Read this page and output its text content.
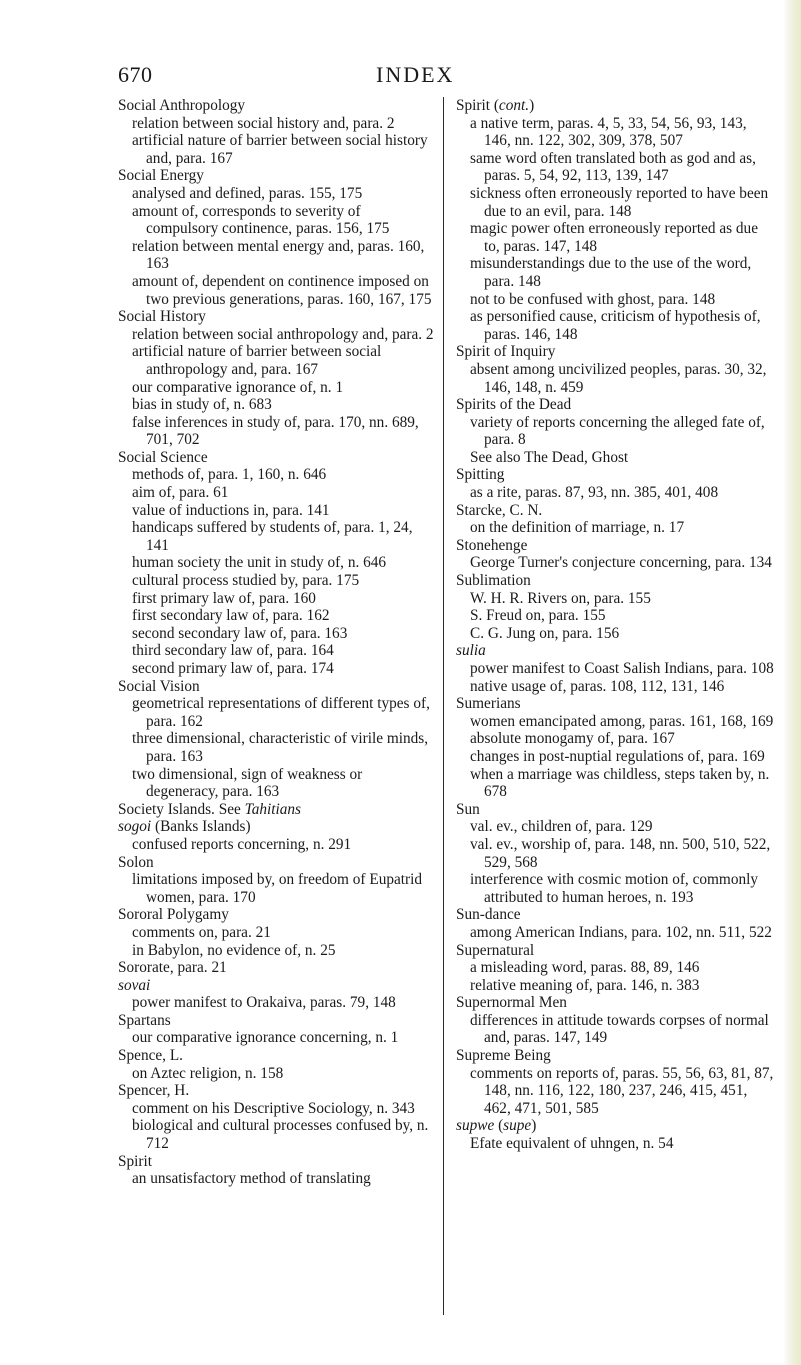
670	INDEX
Social Anthropology
relation between social history and, para. 2
artificial nature of barrier between social history and, para. 167
Social Energy
analysed and defined, paras. 155, 175
amount of, corresponds to severity of compulsory continence, paras. 156, 175
relation between mental energy and, paras. 160, 163
amount of, dependent on continence imposed on two previous generations, paras. 160, 167, 175
Social History
relation between social anthropology and, para. 2
artificial nature of barrier between social anthropology and, para. 167
our comparative ignorance of, n. 1
bias in study of, n. 683
false inferences in study of, para. 170, nn. 689, 701, 702
Social Science
methods of, para. 1, 160, n. 646
aim of, para. 61
value of inductions in, para. 141
handicaps suffered by students of, para. 1, 24, 141
human society the unit in study of, n. 646
cultural process studied by, para. 175
first primary law of, para. 160
first secondary law of, para. 162
second secondary law of, para. 163
third secondary law of, para. 164
second primary law of, para. 174
Social Vision
geometrical representations of different types of, para. 162
three dimensional, characteristic of virile minds, para. 163
two dimensional, sign of weakness or degeneracy, para. 163
Society Islands. See Tahitians
sogoi (Banks Islands)
confused reports concerning, n. 291
Solon
limitations imposed by, on freedom of Eupatrid women, para. 170
Sororal Polygamy
comments on, para. 21
in Babylon, no evidence of, n. 25
Sororate, para. 21
sovai
power manifest to Orakaiva, paras. 79, 148
Spartans
our comparative ignorance concerning, n. 1
Spence, L.
on Aztec religion, n. 158
Spencer, H.
comment on his Descriptive Sociology, n. 343
biological and cultural processes confused by, n. 712
Spirit
an unsatisfactory method of translating
Spirit (cont.)
a native term, paras. 4, 5, 33, 54, 56, 93, 143, 146, nn. 122, 302, 309, 378, 507
same word often translated both as god and as, paras. 5, 54, 92, 113, 139, 147
sickness often erroneously reported to have been due to an evil, para. 148
magic power often erroneously reported as due to, paras. 147, 148
misunderstandings due to the use of the word, para. 148
not to be confused with ghost, para. 148
as personified cause, criticism of hypothesis of, paras. 146, 148
Spirit of Inquiry
absent among uncivilized peoples, paras. 30, 32, 146, 148, n. 459
Spirits of the Dead
variety of reports concerning the alleged fate of, para. 8
See also The Dead, Ghost
Spitting
as a rite, paras. 87, 93, nn. 385, 401, 408
Starcke, C. N.
on the definition of marriage, n. 17
Stonehenge
George Turner's conjecture concerning, para. 134
Sublimation
W. H. R. Rivers on, para. 155
S. Freud on, para. 155
C. G. Jung on, para. 156
sulia
power manifest to Coast Salish Indians, para. 108
native usage of, paras. 108, 112, 131, 146
Sumerians
women emancipated among, paras. 161, 168, 169
absolute monogamy of, para. 167
changes in post-nuptial regulations of, para. 169
when a marriage was childless, steps taken by, n. 678
Sun
val. ev., children of, para. 129
val. ev., worship of, para. 148, nn. 500, 510, 522, 529, 568
interference with cosmic motion of, commonly attributed to human heroes, n. 193
Sun-dance
among American Indians, para. 102, nn. 511, 522
Supernatural
a misleading word, paras. 88, 89, 146
relative meaning of, para. 146, n. 383
Supernormal Men
differences in attitude towards corpses of normal and, paras. 147, 149
Supreme Being
comments on reports of, paras. 55, 56, 63, 81, 87, 148, nn. 116, 122, 180, 237, 246, 415, 451, 462, 471, 501, 585
supwe (supe)
Efate equivalent of uhngen, n. 54
